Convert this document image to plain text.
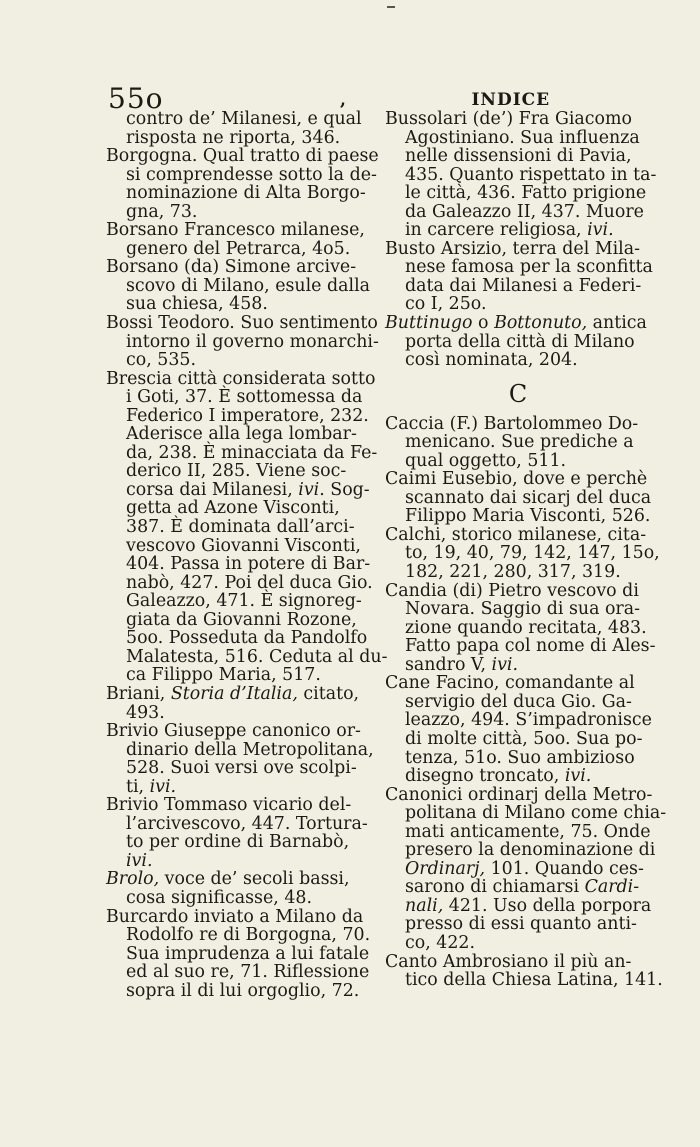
55o	,	INDICE
contro de’ Milanesi, e qual
risposta ne riporta, 346.
Borgogna. Qual tratto di paese
si comprendesse sotto la de-
nominazione di Alta Borgo-
gna, 73.
Borsano Francesco milanese,
genero del Petrarca, 4o5.
Borsano (da) Simone arcive-
scovo di Milano, esule dalla
sua chiesa, 458.
Bossi Teodoro. Suo sentimento
intorno il governo monarchi-
co, 535.
Brescia città considerata sotto
i Goti, 37. È sottomessa da
Federico I imperatore, 232.
Aderisce alla lega lombar-
da, 238. È minacciata da Fe-
derico II, 285. Viene soc-
corsa dai Milanesi, ivi. Sog-
getta ad Azone Visconti,
387. È dominata dall’arci-
vescovo Giovanni Visconti,
404. Passa in potere di Bar-
nabò, 427. Poi del duca Gio.
Galeazzo, 471. È signoreg-
giata da Giovanni Rozone,
5oo. Posseduta da Pandolfo
Malatesta, 516. Ceduta al du-
ca Filippo Maria, 517.
Briani, Storia d’Italia, citato,
493.
Brivio Giuseppe canonico or-
dinario della Metropolitana,
528. Suoi versi ove scolpi-
ti, ivi.
Brivio Tommaso vicario del-
l’arcivescovo, 447. Tortura-
to per ordine di Barnabò,
ivi.
Brolo, voce de’ secoli bassi,
cosa significasse, 48.
Burcardo inviato a Milano da
Rodolfo re di Borgogna, 70.
Sua imprudenza a lui fatale
ed al suo re, 71. Riflessione
sopra il di lui orgoglio, 72.
Bussolari (de’) Fra Giacomo
Agostiniano. Sua influenza
nelle dissensioni di Pavia,
435. Quanto rispettato in ta-
le città, 436. Fatto prigione
da Galeazzo II, 437. Muore
in carcere religiosa, ivi.
Busto Arsizio, terra del Mila-
nese famosa per la sconfitta
data dai Milanesi a Federi-
co I, 25o.
Buttinugo o Bottonuto, antica
porta della città di Milano
così nominata, 204.
C
Caccia (F.) Bartolommeo Do-
menicano. Sue prediche a
qual oggetto, 511.
Caimi Eusebio, dove e perchè
scannato dai sicarj del duca
Filippo Maria Visconti, 526.
Calchi, storico milanese, cita-
to, 19, 40, 79, 142, 147, 15o,
182, 221, 280, 317, 319.
Candia (di) Pietro vescovo di
Novara. Saggio di sua ora-
zione quando recitata, 483.
Fatto papa col nome di Ales-
sandro V, ivi.
Cane Facino, comandante al
servigio del duca Gio. Ga-
leazzo, 494. S’impadronisce
di molte città, 5oo. Sua po-
tenza, 51o. Suo ambizioso
disegno troncato, ivi.
Canonici ordinarj della Metro-
politana di Milano come chia-
mati anticamente, 75. Onde
presero la denominazione di
Ordinarj, 101. Quando ces-
sarono di chiamarsi Cardi-
nali, 421. Uso della porpora
presso di essi quanto anti-
co, 422.
Canto Ambrosiano il più an-
tico della Chiesa Latina, 141.
